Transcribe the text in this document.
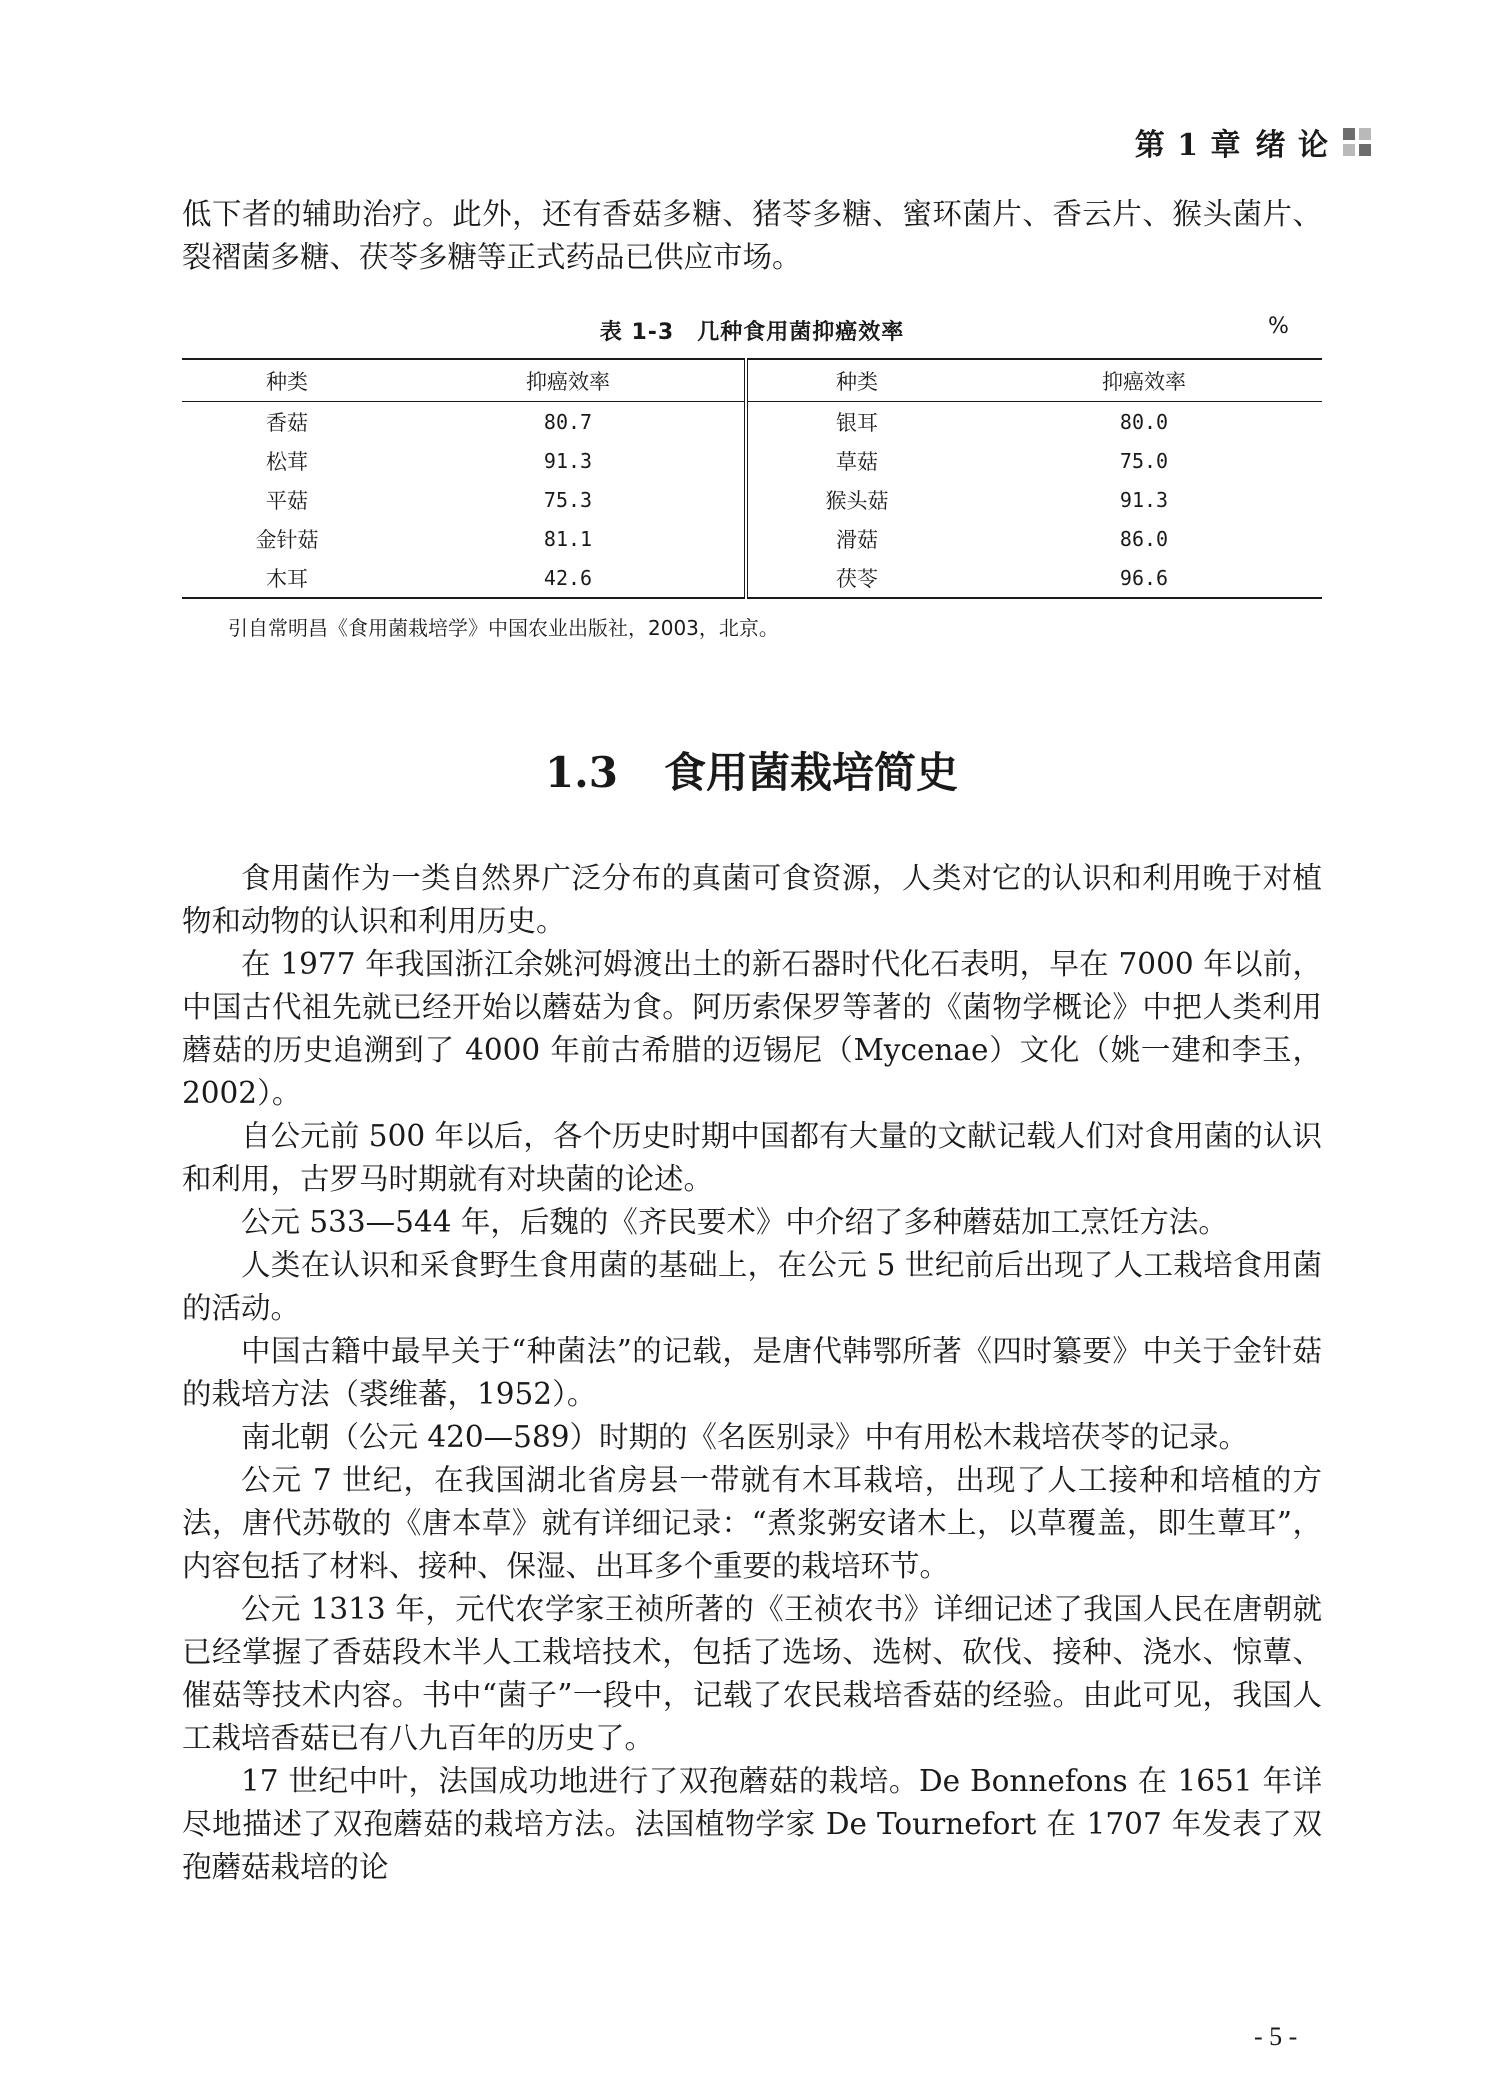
第 1 章 绪 论

低下者的辅助治疗。此外，还有香菇多糖、猪苓多糖、蜜环菌片、香云片、猴头菌片、裂褶菌多糖、茯苓多糖等正式药品已供应市场。

表 1-3　几种食用菌抑癌效率	%
种类	抑癌效率	种类	抑癌效率
香菇	80.7	银耳	80.0
松茸	91.3	草菇	75.0
平菇	75.3	猴头菇	91.3
金针菇	81.1	滑菇	86.0
木耳	42.6	茯苓	96.6
引自常明昌《食用菌栽培学》中国农业出版社，2003，北京。
1.3 食用菌栽培简史

食用菌作为一类自然界广泛分布的真菌可食资源，人类对它的认识和利用晚于对植物和动物的认识和利用历史。

在 1977 年我国浙江余姚河姆渡出土的新石器时代化石表明，早在 7000 年以前，中国古代祖先就已经开始以蘑菇为食。阿历索保罗等著的《菌物学概论》中把人类利用蘑菇的历史追溯到了 4000 年前古希腊的迈锡尼（Mycenae）文化（姚一建和李玉，2002）。

自公元前 500 年以后，各个历史时期中国都有大量的文献记载人们对食用菌的认识和利用，古罗马时期就有对块菌的论述。

公元 533—544 年，后魏的《齐民要术》中介绍了多种蘑菇加工烹饪方法。

人类在认识和采食野生食用菌的基础上，在公元 5 世纪前后出现了人工栽培食用菌的活动。

中国古籍中最早关于“种菌法”的记载，是唐代韩鄂所著《四时纂要》中关于金针菇的栽培方法（裘维蕃，1952）。

南北朝（公元 420—589）时期的《名医别录》中有用松木栽培茯苓的记录。

公元 7 世纪，在我国湖北省房县一带就有木耳栽培，出现了人工接种和培植的方法，唐代苏敬的《唐本草》就有详细记录：“煮浆粥安诸木上，以草覆盖，即生蕈耳”，内容包括了材料、接种、保湿、出耳多个重要的栽培环节。

公元 1313 年，元代农学家王祯所著的《王祯农书》详细记述了我国人民在唐朝就已经掌握了香菇段木半人工栽培技术，包括了选场、选树、砍伐、接种、浇水、惊蕈、催菇等技术内容。书中“菌子”一段中，记载了农民栽培香菇的经验。由此可见，我国人工栽培香菇已有八九百年的历史了。

17 世纪中叶，法国成功地进行了双孢蘑菇的栽培。De Bonnefons 在 1651 年详尽地描述了双孢蘑菇的栽培方法。法国植物学家 De Tournefort 在 1707 年发表了双孢蘑菇栽培的论

- 5 -
